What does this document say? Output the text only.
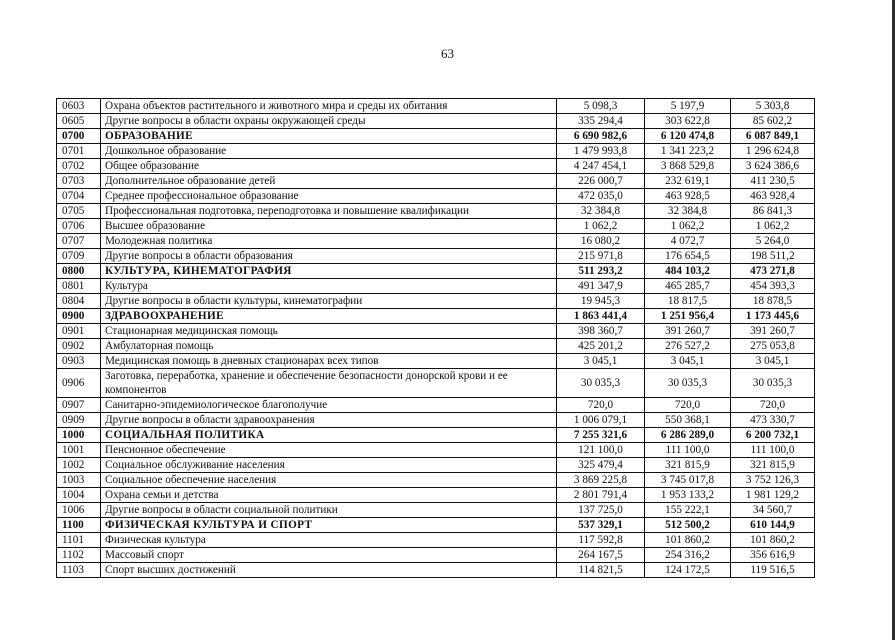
63
0603	Охрана объектов растительного и животного мира и среды их обитания	5 098,3	5 197,9	5 303,8
0605	Другие вопросы в области охраны окружающей среды	335 294,4	303 622,8	85 602,2
0700	ОБРАЗОВАНИЕ	6 690 982,6	6 120 474,8	6 087 849,1
0701	Дошкольное образование	1 479 993,8	1 341 223,2	1 296 624,8
0702	Общее образование	4 247 454,1	3 868 529,8	3 624 386,6
0703	Дополнительное образование детей	226 000,7	232 619,1	411 230,5
0704	Среднее профессиональное образование	472 035,0	463 928,5	463 928,4
0705	Профессиональная подготовка, переподготовка и повышение квалификации	32 384,8	32 384,8	86 841,3
0706	Высшее образование	1 062,2	1 062,2	1 062,2
0707	Молодежная политика	16 080,2	4 072,7	5 264,0
0709	Другие вопросы в области образования	215 971,8	176 654,5	198 511,2
0800	КУЛЬТУРА, КИНЕМАТОГРАФИЯ	511 293,2	484 103,2	473 271,8
0801	Культура	491 347,9	465 285,7	454 393,3
0804	Другие вопросы в области культуры, кинематографии	19 945,3	18 817,5	18 878,5
0900	ЗДРАВООХРАНЕНИЕ	1 863 441,4	1 251 956,4	1 173 445,6
0901	Стационарная медицинская помощь	398 360,7	391 260,7	391 260,7
0902	Амбулаторная помощь	425 201,2	276 527,2	275 053,8
0903	Медицинская помощь в дневных стационарах всех типов	3 045,1	3 045,1	3 045,1
0906	Заготовка, переработка, хранение и обеспечение безопасности донорской крови и ее компонентов	30 035,3	30 035,3	30 035,3
0907	Санитарно-эпидемиологическое благополучие	720,0	720,0	720,0
0909	Другие вопросы в области здравоохранения	1 006 079,1	550 368,1	473 330,7
1000	СОЦИАЛЬНАЯ ПОЛИТИКА	7 255 321,6	6 286 289,0	6 200 732,1
1001	Пенсионное обеспечение	121 100,0	111 100,0	111 100,0
1002	Социальное обслуживание населения	325 479,4	321 815,9	321 815,9
1003	Социальное обеспечение населения	3 869 225,8	3 745 017,8	3 752 126,3
1004	Охрана семьи и детства	2 801 791,4	1 953 133,2	1 981 129,2
1006	Другие вопросы в области социальной политики	137 725,0	155 222,1	34 560,7
1100	ФИЗИЧЕСКАЯ КУЛЬТУРА И СПОРТ	537 329,1	512 500,2	610 144,9
1101	Физическая культура	117 592,8	101 860,2	101 860,2
1102	Массовый спорт	264 167,5	254 316,2	356 616,9
1103	Спорт высших достижений	114 821,5	124 172,5	119 516,5
